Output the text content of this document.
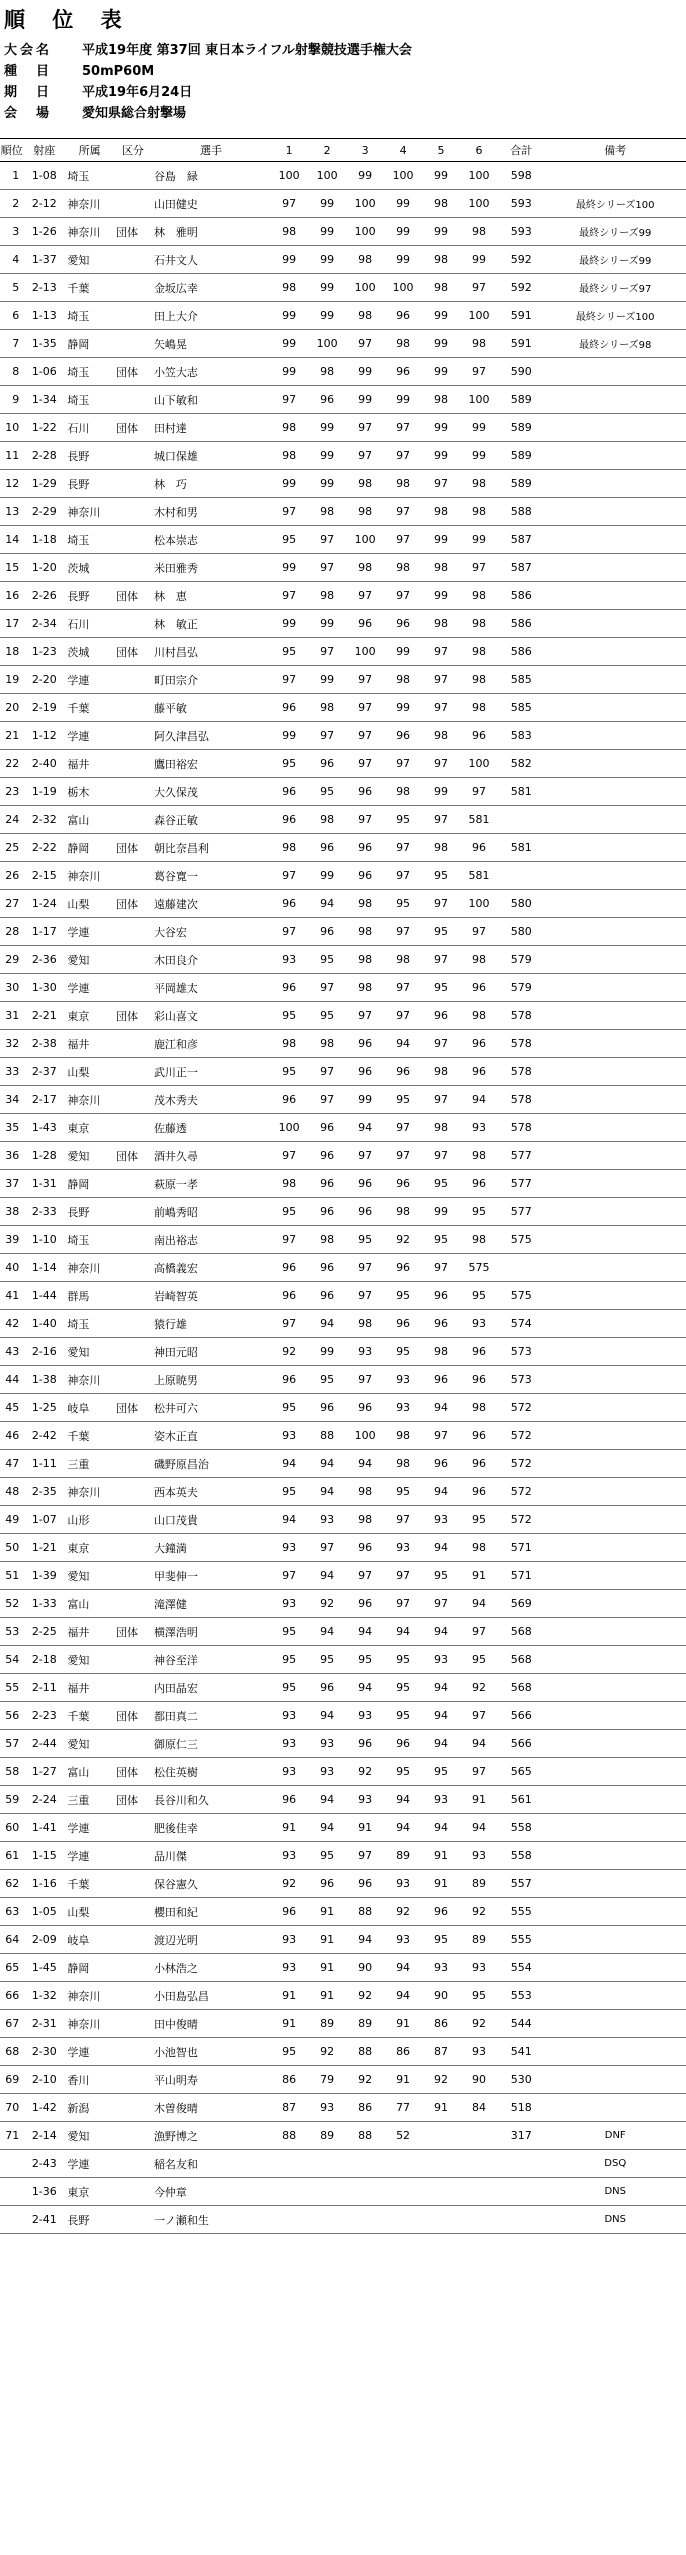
順 位 表
大会名	平成19年度 第37回 東日本ライフル射撃競技選手権大会
種　目	50mP60M
期　日	平成19年6月24日
会　場	愛知県総合射撃場
順位	射座	所属	区分	選手	1	2	3	4	5	6	合計	備考
1	1-08	埼玉		谷島　緑	100	100	99	100	99	100	598	
2	2-12	神奈川		山田健史	97	99	100	99	98	100	593	最終シリーズ100
3	1-26	神奈川	団体	林　雅明	98	99	100	99	99	98	593	最終シリーズ99
4	1-37	愛知		石井文人	99	99	98	99	98	99	592	最終シリーズ99
5	2-13	千葉		金坂広幸	98	99	100	100	98	97	592	最終シリーズ97
6	1-13	埼玉		田上大介	99	99	98	96	99	100	591	最終シリーズ100
7	1-35	静岡		矢嶋晃	99	100	97	98	99	98	591	最終シリーズ98
8	1-06	埼玉	団体	小笠大志	99	98	99	96	99	97	590	
9	1-34	埼玉		山下敏和	97	96	99	99	98	100	589	
10	1-22	石川	団体	田村達	98	99	97	97	99	99	589	
11	2-28	長野		城口保雄	98	99	97	97	99	99	589	
12	1-29	長野		林　巧	99	99	98	98	97	98	589	
13	2-29	神奈川		木村和男	97	98	98	97	98	98	588	
14	1-18	埼玉		松本崇志	95	97	100	97	99	99	587	
15	1-20	茨城		米田雅秀	99	97	98	98	98	97	587	
16	2-26	長野	団体	林　恵	97	98	97	97	99	98	586	
17	2-34	石川		林　敏正	99	99	96	96	98	98	586	
18	1-23	茨城	団体	川村昌弘	95	97	100	99	97	98	586	
19	2-20	学連		町田宗介	97	99	97	98	97	98	585	
20	2-19	千葉		藤平敏	96	98	97	99	97	98	585	
21	1-12	学連		阿久津昌弘	99	97	97	96	98	96	583	
22	2-40	福井		鷹田裕宏	95	96	97	97	97	100	582	
23	1-19	栃木		大久保茂	96	95	96	98	99	97	581	
24	2-32	富山		森谷正敏	96	98	97	95	97	581		
25	2-22	静岡	団体	朝比奈昌利	98	96	96	97	98	96	581	
26	2-15	神奈川		葛谷寛一	97	99	96	97	95	581		
27	1-24	山梨	団体	遠藤建次	96	94	98	95	97	100	580	
28	1-17	学連		大谷宏	97	96	98	97	95	97	580	
29	2-36	愛知		木田良介	93	95	98	98	97	98	579	
30	1-30	学連		平岡雄太	96	97	98	97	95	96	579	
31	2-21	東京	団体	彩山喜文	95	95	97	97	96	98	578	
32	2-38	福井		鹿江和彦	98	98	96	94	97	96	578	
33	2-37	山梨		武川正一	95	97	96	96	98	96	578	
34	2-17	神奈川		茂木秀夫	96	97	99	95	97	94	578	
35	1-43	東京		佐藤透	100	96	94	97	98	93	578	
36	1-28	愛知	団体	酒井久尋	97	96	97	97	97	98	577	
37	1-31	静岡		萩原一孝	98	96	96	96	95	96	577	
38	2-33	長野		前嶋秀昭	95	96	96	98	99	95	577	
39	1-10	埼玉		南出裕志	97	98	95	92	95	98	575	
40	1-14	神奈川		高橋義宏	96	96	97	96	97	575		
41	1-44	群馬		岩崎智英	96	96	97	95	96	95	575	
42	1-40	埼玉		猿行雄	97	94	98	96	96	93	574	
43	2-16	愛知		神田元昭	92	99	93	95	98	96	573	
44	1-38	神奈川		上原暁男	96	95	97	93	96	96	573	
45	1-25	岐阜	団体	松井可六	95	96	96	93	94	98	572	
46	2-42	千葉		姿木正直	93	88	100	98	97	96	572	
47	1-11	三重		磯野原昌治	94	94	94	98	96	96	572	
48	2-35	神奈川		西本英夫	95	94	98	95	94	96	572	
49	1-07	山形		山口茂貴	94	93	98	97	93	95	572	
50	1-21	東京		大鐘満	93	97	96	93	94	98	571	
51	1-39	愛知		甲斐伸一	97	94	97	97	95	91	571	
52	1-33	富山		滝澤健	93	92	96	97	97	94	569	
53	2-25	福井	団体	横澤浩明	95	94	94	94	94	97	568	
54	2-18	愛知		神谷至洋	95	95	95	95	93	95	568	
55	2-11	福井		内田晶宏	95	96	94	95	94	92	568	
56	2-23	千葉	団体	都田真二	93	94	93	95	94	97	566	
57	2-44	愛知		御原仁三	93	93	96	96	94	94	566	
58	1-27	富山	団体	松住英樹	93	93	92	95	95	97	565	
59	2-24	三重	団体	長谷川和久	96	94	93	94	93	91	561	
60	1-41	学連		肥後佳幸	91	94	91	94	94	94	558	
61	1-15	学連		品川傑	93	95	97	89	91	93	558	
62	1-16	千葉		保谷憲久	92	96	96	93	91	89	557	
63	1-05	山梨		櫻田和紀	96	91	88	92	96	92	555	
64	2-09	岐阜		渡辺光明	93	91	94	93	95	89	555	
65	1-45	静岡		小林浩之	93	91	90	94	93	93	554	
66	1-32	神奈川		小田島弘昌	91	91	92	94	90	95	553	
67	2-31	神奈川		田中俊晴	91	89	89	91	86	92	544	
68	2-30	学連		小池智也	95	92	88	86	87	93	541	
69	2-10	香川		平山明寿	86	79	92	91	92	90	530	
70	1-42	新潟		木曽俊晴	87	93	86	77	91	84	518	
71	2-14	愛知		漁野博之	88	89	88	52			317	DNF
	2-43	学連		稲名友和								DSQ
	1-36	東京		今仲章								DNS
	2-41	長野		一ノ瀬和生								DNS
